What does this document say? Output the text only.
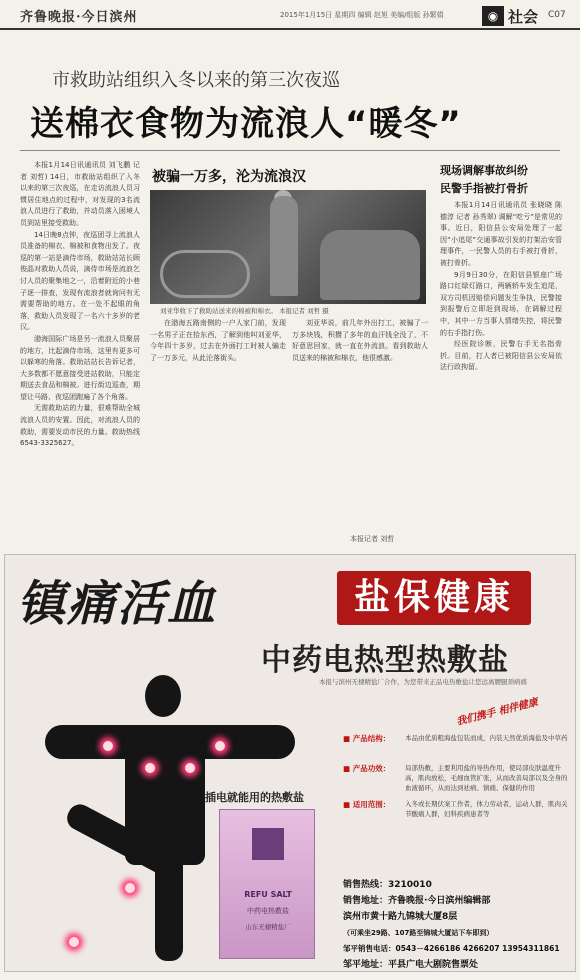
齐鲁晚报·今日滨州	2015年1月15日 星期四 编辑 赵旭 美编/组版 孙繁娟	◉ 社会 C07
市救助站组织入冬以来的第三次夜巡
送棉衣食物为流浪人“暖冬”

本报1月14日讯通讯员 刘飞鹏 记者 刘哲) 14日，市救助站组织了入冬以来的第三次夜巡，在走访流浪人员习惯居住地点的过程中，对发现的3名流浪人员进行了救助，并动员落入困境人员到站里接受救助。

14日晚8点钟，夜巡团寻上流浪人员准备的棉衣、棉被和食物出发了。夜巡的第一站是滴侍市场，救助站站长顾俊晶对救助人员说，滴侍市场是流浪乞讨人员的聚集地之一，沿着附近的小巷子逐一排查，发现有流浪者就询问有无需要帮助的地方。在一处不起眼的角落，救助人员发现了一名六十多岁的老汉。

渤海国际广场是另一流浪人员聚居的地方，比起滴侍市场，这里有更多可以躲寒的角落。救助站站长告诉记者，大多数都不愿意接受进站救助，只能定期送去食品和棉被。进行街边巡查，期望让马路、夜巡团跑遍了各个角落。

无需救助站的力量，很难帮助全城流浪人员的安置。因此，对流浪人员的救助，需要发动市民的力量。救助热线6543-3325627。

被骗一万多，沦为流浪汉
刘亚华收下了救助站送来的棉被和棉衣。 本报记者 刘哲 摄

在渤海五路南侧的一户人家门前，发现一名男子正在拾东西，了解到他叫刘亚华，今年四十多岁，过去在外面打工时被人骗走了一万多元，从此沦落街头。

刘亚华说，前几年外出打工，被骗了一万多块钱，积攒了多年的血汗钱全没了，不好意思回家，就一直在外流浪。看到救助人员送来的棉被和棉衣，他很感激。

本报记者 刘哲
现场调解事故纠纷
民警手指被打骨折

本报1月14日讯通讯员 张晓晓 陈德淳 记者 孙秀翠) 调解“吃亏”是常见的事。近日，阳信县公安局处理了一起因“小追尾”交通事故引发的打架治安管理事件，一民警人员的右手被打骨折，被打骨折。

9月9日30分，在阳信县银座广场路口红绿灯路口，两辆轿车发生追尾，双方司机因赔偿问题发生争执，民警接到报警后立即赶到现场，在调解过程中，其中一方当事人情绪失控，将民警的右手指打伤。

经医院诊断，民警右手无名指骨折。目前，打人者已被阳信县公安局依法行政拘留。

镇痛活血	盐保健康
中药电热型热敷盐
本报与滨州无棣精盐厂合作，为您带来正品电热敷盐让您远离腰腿颈病痛
我们携手 相伴健康
插电就能用的热敷盐
REFU SALT
中药电热敷盐
山东无棣精盐厂
■ 产品结构： 本品由优质粗海盐包装而成，内装天然优质海盐及中草药
■ 产品功效： 局部热敷，主要利用盐的导热作用，使局部皮肤温度升高，肌肉放松，毛细血管扩张，从而改善局部以及全身的血液循环，从而达到祛病、镇痛、保健的作用
■ 适用范围： 入冬或长期伏案工作者，体力劳动者，运动人群，肌肉关节酸痛人群，妇科疾病患者等
销售热线：3210010
销售地址：齐鲁晚报·今日滨州编辑部
滨州市黄十路九锦城大厦8层
（可乘坐29路、107路至锦城大厦站下车即到）
邹平销售电话：0543－4266186 4266207 13954311861
邹平地址：平县广电大剧院售票处
